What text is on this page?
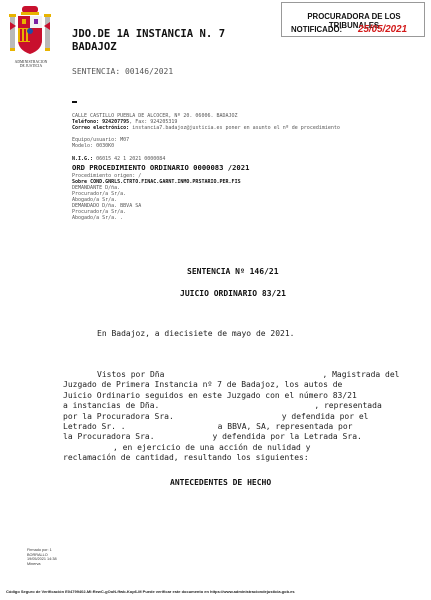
ADMINISTRACION
DE JUSTICIA
JDO.DE 1A INSTANCIA N. 7
BADAJOZ
SENTENCIA: 00146/2021
PROCURADORA DE LOS TRIBUNALES
NOTIFICADO: 25/05/2021
CALLE CASTILLO PUEBLA DE ALCOCER, Nº 20. 06006. BADAJOZ
Teléfono: 924207795, Fax: 924205319
Correo electrónico: instancia7.badajoz@justicia.es poner en asunto el nº de procedimiento
Equipo/usuario: M07
Modelo: 0030K0
N.I.G.: 06015 42 1 2021 0000084
ORD PROCEDIMIENTO ORDINARIO 0000083 /2021
Procedimiento origen: /
Sobre COND.GNRLS.CTRTO.FINAC.GARNT.INMO.PRSTARIO.PER.FIS
DEMANDANTE D/ña.
Procurador/a Sr/a.
Abogado/a Sr/a.
DEMANDADO D/ña. BBVA SA
Procurador/a Sr/a.
Abogado/a Sr/a. .
SENTENCIA Nº 146/21
JUICIO ORDINARIO 83/21
En Badajoz, a diecisiete de mayo de 2021.
Vistos por Dña	, Magistrada del
Juzgado de Primera Instancia nº 7 de Badajoz, los autos de
Juicio Ordinario seguidos en este Juzgado con el número 83/21
a instancias de Dña.	, representada
por la Procuradora Sra.	y defendida por el
Letrado Sr. .	a BBVA, SA, representada por
la Procuradora Sra.	y defendida por la Letrada Sra.
, en ejercicio de una acción de nulidad y
reclamación de cantidad, resultando los siguientes:
ANTECEDENTES DE HECHO
Firmado por: 1
BORRALLO
19/05/2021 14:38
Minerva
Código Seguro de Verificación E04799402-MI:RewC-gOoN-ffwb-Kop6-M Puede verificar este documento en https://www.administraciondejusticia.gob.es
